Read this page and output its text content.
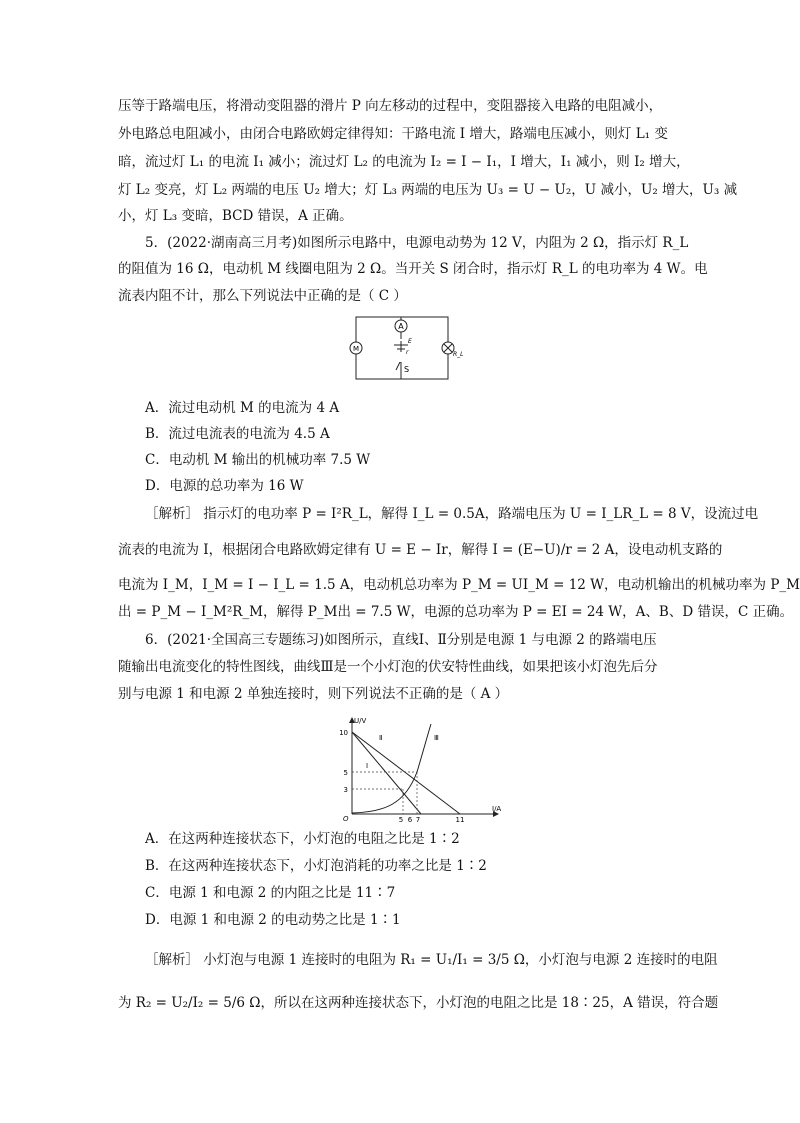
压等于路端电压，将滑动变阻器的滑片 P 向左移动的过程中，变阻器接入电路的电阻减小，
外电路总电阻减小，由闭合电路欧姆定律得知：干路电流 I 增大，路端电压减小，则灯 L₁ 变
暗，流过灯 L₁ 的电流 I₁ 减小；流过灯 L₂ 的电流为 I₂ = I − I₁，I 增大，I₁ 减小，则 I₂ 增大，
灯 L₂ 变亮，灯 L₂ 两端的电压 U₂ 增大；灯 L₃ 两端的电压为 U₃ = U − U₂，U 减小，U₂ 增大，U₃ 减
小，灯 L₃ 变暗，BCD 错误，A 正确。
5．(2022·湖南高三月考)如图所示电路中，电源电动势为 12 V，内阻为 2 Ω，指示灯 R_L
的阻值为 16 Ω，电动机 M 线圈电阻为 2 Ω。当开关 S 闭合时，指示灯 R_L 的电功率为 4 W。电
流表内阻不计，那么下列说法中正确的是（ C ）
A
M
E
r
S
R_L
A．流过电动机 M 的电流为 4 A
B．流过电流表的电流为 4.5 A
C．电动机 M 输出的机械功率 7.5 W
D．电源的总功率为 16 W
［解析］ 指示灯的电功率 P = I²R_L，解得 I_L = 0.5A，路端电压为 U = I_LR_L = 8 V，设流过电
流表的电流为 I，根据闭合电路欧姆定律有 U = E − Ir，解得 I = (E−U)/r = 2 A，设电动机支路的
电流为 I_M，I_M = I − I_L = 1.5 A，电动机总功率为 P_M = UI_M = 12 W，电动机输出的机械功率为 P_M
出 = P_M − I_M²R_M，解得 P_M出 = 7.5 W，电源的总功率为 P = EI = 24 W，A、B、D 错误，C 正确。
6．(2021·全国高三专题练习)如图所示，直线Ⅰ、Ⅱ分别是电源 1 与电源 2 的路端电压
随输出电流变化的特性图线，曲线Ⅲ是一个小灯泡的伏安特性曲线，如果把该小灯泡先后分
别与电源 1 和电源 2 单独连接时，则下列说法不正确的是（ A ）
U/V
I/A
O
10
5
3
5 6 7	11
Ⅰ
Ⅱ	Ⅲ
A．在这两种连接状态下，小灯泡的电阻之比是 1∶2
B．在这两种连接状态下，小灯泡消耗的功率之比是 1∶2
C．电源 1 和电源 2 的内阻之比是 11∶7
D．电源 1 和电源 2 的电动势之比是 1∶1
［解析］ 小灯泡与电源 1 连接时的电阻为 R₁ = U₁/I₁ = 3/5 Ω，小灯泡与电源 2 连接时的电阻
为 R₂ = U₂/I₂ = 5/6 Ω，所以在这两种连接状态下，小灯泡的电阻之比是 18∶25，A 错误，符合题
